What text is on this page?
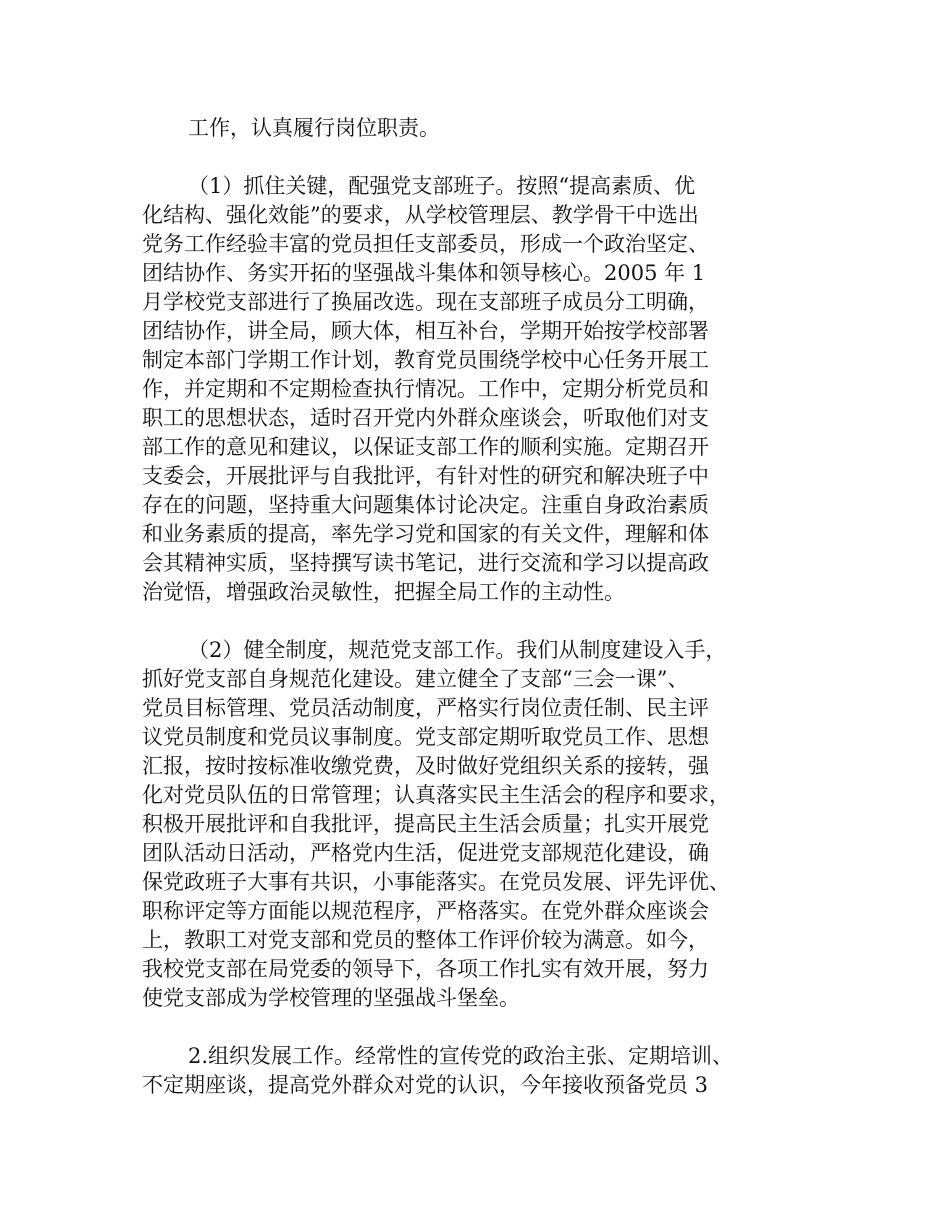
工作，认真履行岗位职责。
（1）抓住关键，配强党支部班子。按照“提高素质、优
化结构、强化效能”的要求，从学校管理层、教学骨干中选出
党务工作经验丰富的党员担任支部委员，形成一个政治坚定、
团结协作、务实开拓的坚强战斗集体和领导核心。2005 年 1
月学校党支部进行了换届改选。现在支部班子成员分工明确，
团结协作，讲全局，顾大体，相互补台，学期开始按学校部署
制定本部门学期工作计划，教育党员围绕学校中心任务开展工
作，并定期和不定期检查执行情况。工作中，定期分析党员和
职工的思想状态，适时召开党内外群众座谈会，听取他们对支
部工作的意见和建议，以保证支部工作的顺利实施。定期召开
支委会，开展批评与自我批评，有针对性的研究和解决班子中
存在的问题，坚持重大问题集体讨论决定。注重自身政治素质
和业务素质的提高，率先学习党和国家的有关文件，理解和体
会其精神实质，坚持撰写读书笔记，进行交流和学习以提高政
治觉悟，增强政治灵敏性，把握全局工作的主动性。
（2）健全制度，规范党支部工作。我们从制度建设入手，
抓好党支部自身规范化建设。建立健全了支部“三会一课”、
党员目标管理、党员活动制度，严格实行岗位责任制、民主评
议党员制度和党员议事制度。党支部定期听取党员工作、思想
汇报，按时按标准收缴党费，及时做好党组织关系的接转，强
化对党员队伍的日常管理；认真落实民主生活会的程序和要求，
积极开展批评和自我批评，提高民主生活会质量；扎实开展党
团队活动日活动，严格党内生活，促进党支部规范化建设，确
保党政班子大事有共识，小事能落实。在党员发展、评先评优、
职称评定等方面能以规范程序，严格落实。在党外群众座谈会
上，教职工对党支部和党员的整体工作评价较为满意。如今，
我校党支部在局党委的领导下，各项工作扎实有效开展，努力
使党支部成为学校管理的坚强战斗堡垒。
2.组织发展工作。经常性的宣传党的政治主张、定期培训、
不定期座谈，提高党外群众对党的认识，今年接收预备党员 3
